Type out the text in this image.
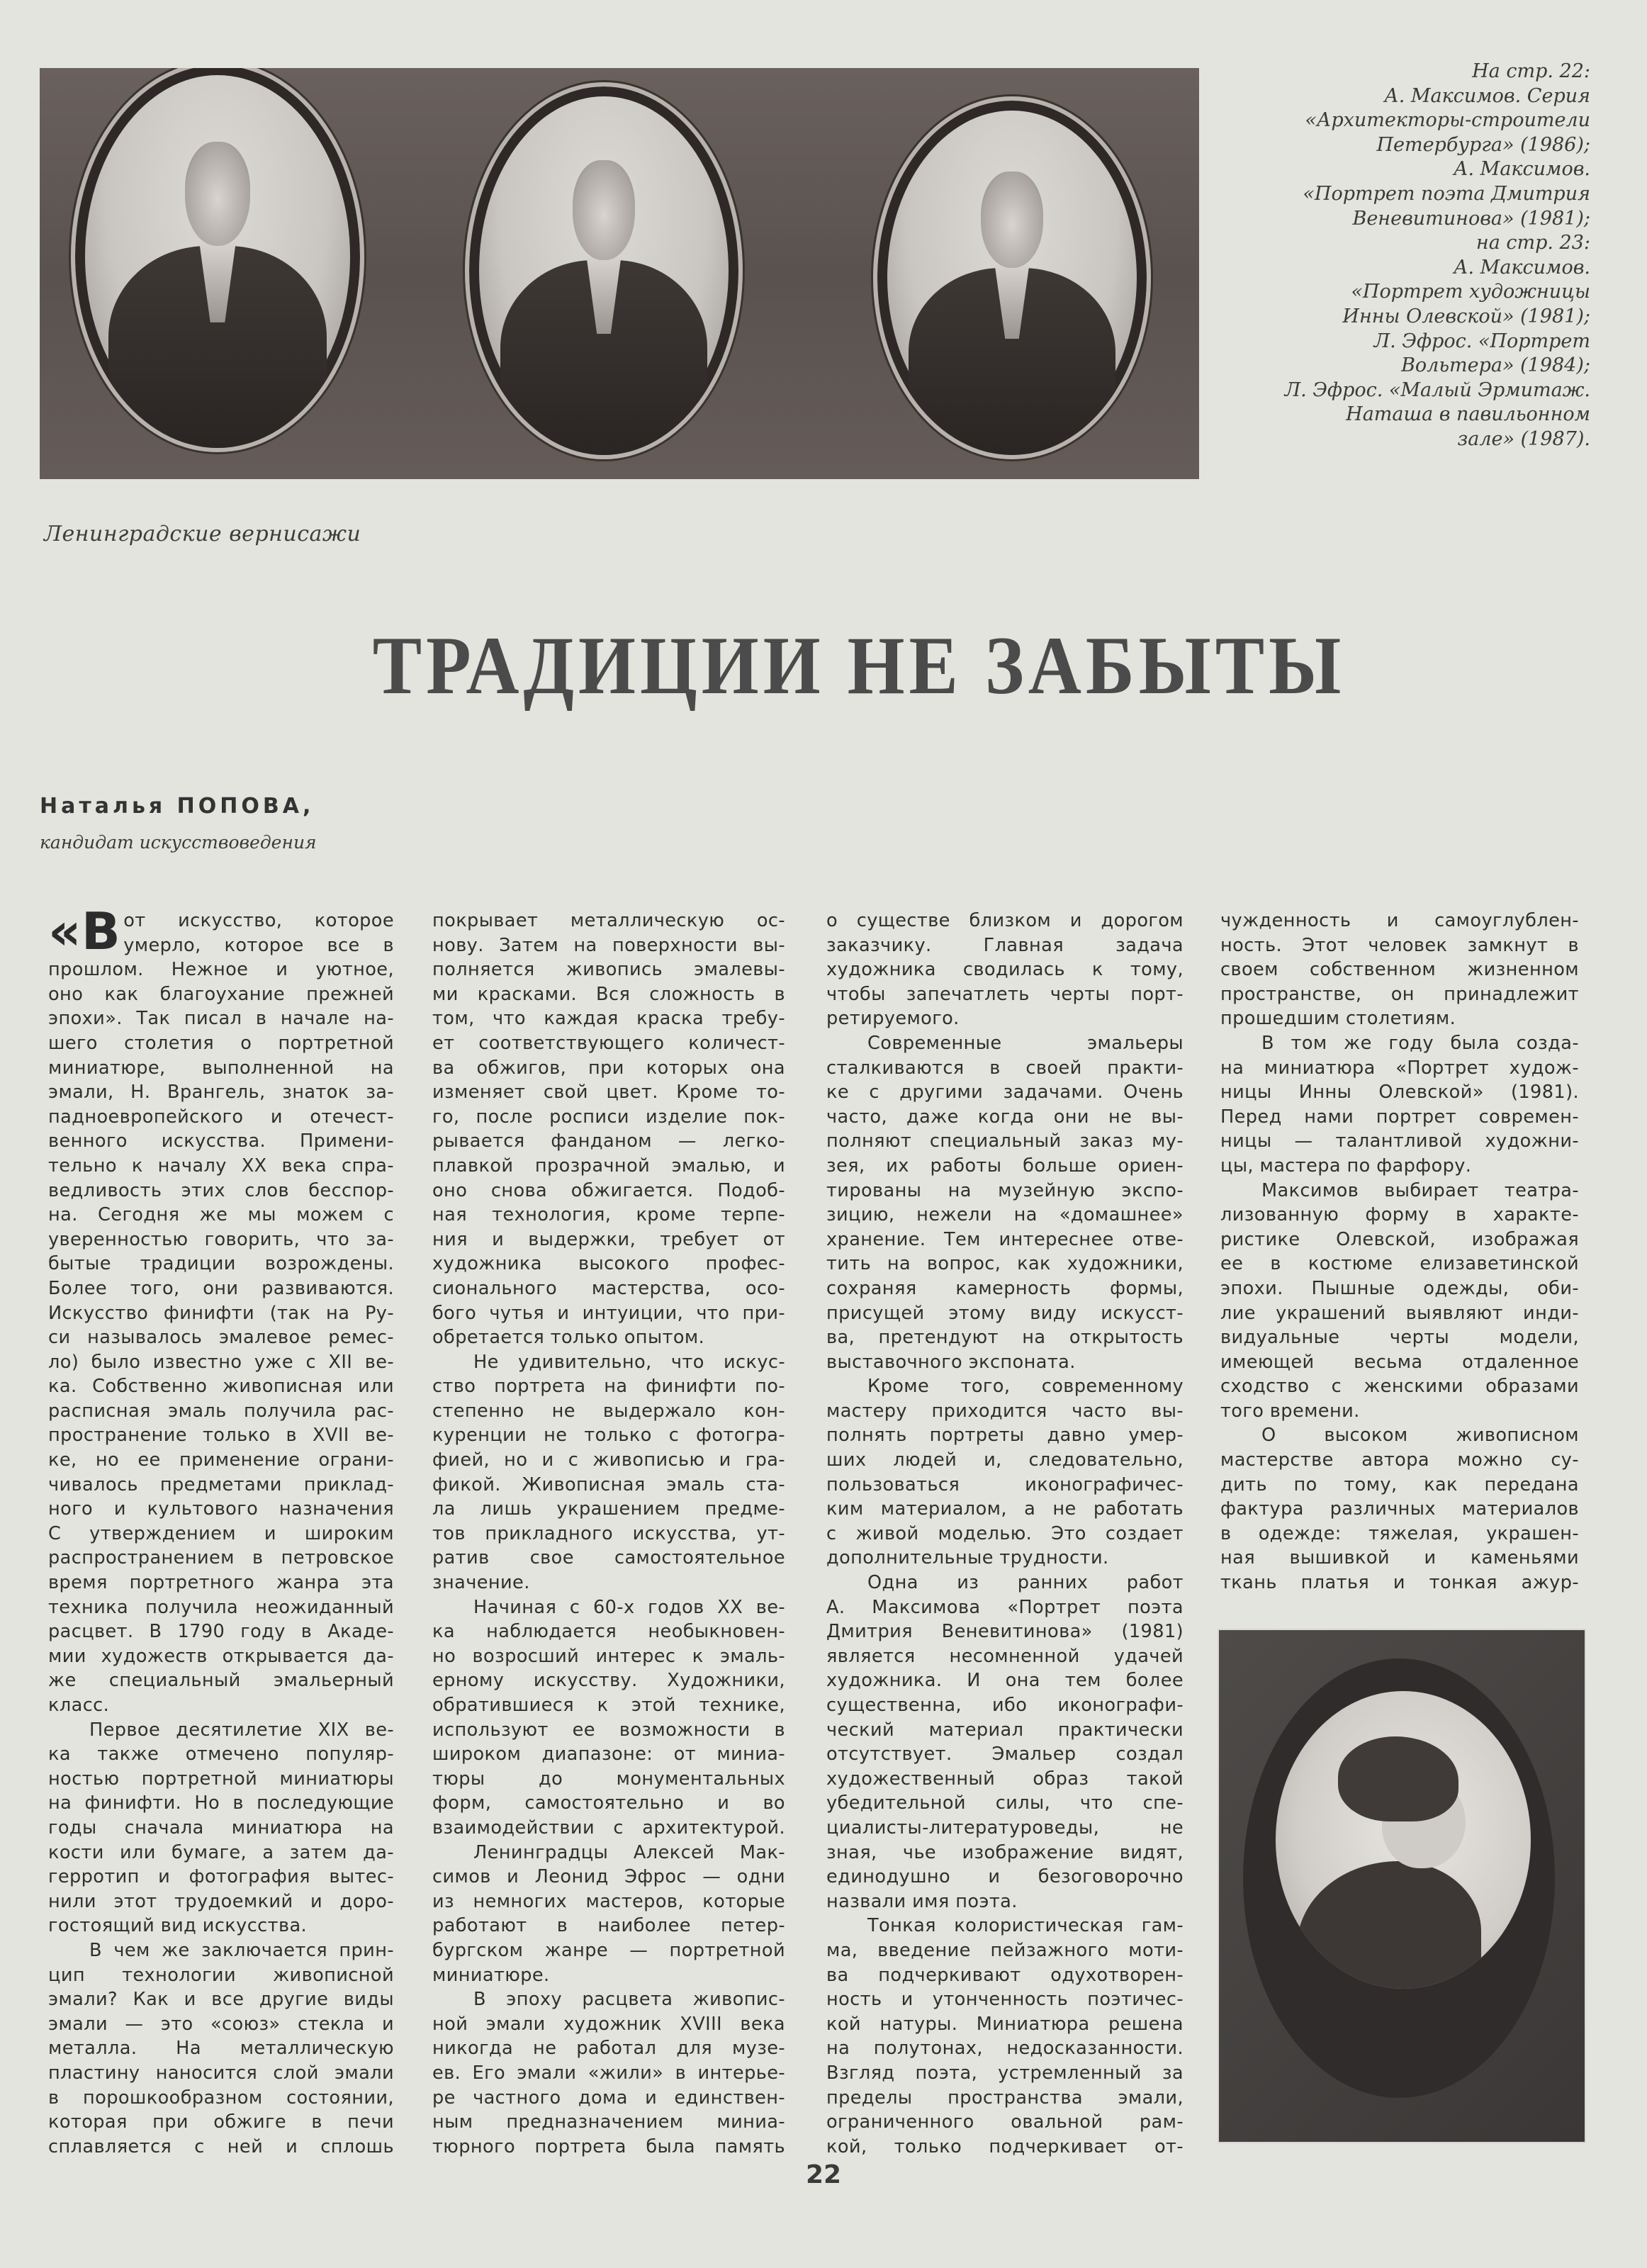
На стр. 22:
А. Максимов. Серия
«Архитекторы-строители
Петербурга» (1986);
А. Максимов.
«Портрет поэта Дмитрия
Веневитинова» (1981);
на стр. 23:
А. Максимов.
«Портрет художницы
Инны Олевской» (1981);
Л. Эфрос. «Портрет
Вольтера» (1984);
Л. Эфрос. «Малый Эрмитаж.
Наташа в павильонном
зале» (1987).
Ленинградские вернисажи
ТРАДИЦИИ НЕ ЗАБЫТЫ
Наталья ПОПОВА,
кандидат искусствоведения
«В от искусство, которое
умерло, которое все в
прошлом. Нежное и уютное,
оно как благоухание прежней
эпохи». Так писал в начале на-
шего столетия о портретной
миниатюре, выполненной на
эмали, Н. Врангель, знаток за-
падноевропейского и отечест-
венного искусства. Примени-
тельно к началу XX века спра-
ведливость этих слов бесспор-
на. Сегодня же мы можем с
уверенностью говорить, что за-
бытые традиции возрождены.
Более того, они развиваются.
Искусство финифти (так на Ру-
си называлось эмалевое ремес-
ло) было известно уже с XII ве-
ка. Собственно живописная или
расписная эмаль получила рас-
пространение только в XVII ве-
ке, но ее применение ограни-
чивалось предметами приклад-
ного и культового назначения
С утверждением и широким
распространением в петровское
время портретного жанра эта
техника получила неожиданный
расцвет. В 1790 году в Акаде-
мии художеств открывается да-
же специальный эмальерный
класс.
Первое десятилетие XIX ве-
ка также отмечено популяр-
ностью портретной миниатюры
на финифти. Но в последующие
годы сначала миниатюра на
кости или бумаге, а затем да-
герротип и фотография вытес-
нили этот трудоемкий и доро-
гостоящий вид искусства.
В чем же заключается прин-
цип технологии живописной
эмали? Как и все другие виды
эмали — это «союз» стекла и
металла. На металлическую
пластину наносится слой эмали
в порошкообразном состоянии,
которая при обжиге в печи
сплавляется с ней и сплошь
покрывает металлическую ос-
нову. Затем на поверхности вы-
полняется живопись эмалевы-
ми красками. Вся сложность в
том, что каждая краска требу-
ет соответствующего количест-
ва обжигов, при которых она
изменяет свой цвет. Кроме то-
го, после росписи изделие пок-
рывается фанданом — легко-
плавкой прозрачной эмалью, и
оно снова обжигается. Подоб-
ная технология, кроме терпе-
ния и выдержки, требует от
художника высокого профес-
сионального мастерства, осо-
бого чутья и интуиции, что при-
обретается только опытом.
Не удивительно, что искус-
ство портрета на финифти по-
степенно не выдержало кон-
куренции не только с фотогра-
фией, но и с живописью и гра-
фикой. Живописная эмаль ста-
ла лишь украшением предме-
тов прикладного искусства, ут-
ратив свое самостоятельное
значение.
Начиная с 60-х годов XX ве-
ка наблюдается необыкновен-
но возросший интерес к эмаль-
ерному искусству. Художники,
обратившиеся к этой технике,
используют ее возможности в
широком диапазоне: от миниа-
тюры до монументальных
форм, самостоятельно и во
взаимодействии с архитектурой.
Ленинградцы Алексей Мак-
симов и Леонид Эфрос — одни
из немногих мастеров, которые
работают в наиболее петер-
бургском жанре — портретной
миниатюре.
В эпоху расцвета живопис-
ной эмали художник XVIII века
никогда не работал для музе-
ев. Его эмали «жили» в интерье-
ре частного дома и единствен-
ным предназначением миниа-
тюрного портрета была память
о существе близком и дорогом
заказчику. Главная задача
художника сводилась к тому,
чтобы запечатлеть черты порт-
ретируемого.
Современные эмальеры
сталкиваются в своей практи-
ке с другими задачами. Очень
часто, даже когда они не вы-
полняют специальный заказ му-
зея, их работы больше ориен-
тированы на музейную экспо-
зицию, нежели на «домашнее»
хранение. Тем интереснее отве-
тить на вопрос, как художники,
сохраняя камерность формы,
присущей этому виду искусст-
ва, претендуют на открытость
выставочного экспоната.
Кроме того, современному
мастеру приходится часто вы-
полнять портреты давно умер-
ших людей и, следовательно,
пользоваться иконографичес-
ким материалом, а не работать
с живой моделью. Это создает
дополнительные трудности.
Одна из ранних работ
А. Максимова «Портрет поэта
Дмитрия Веневитинова» (1981)
является несомненной удачей
художника. И она тем более
существенна, ибо иконографи-
ческий материал практически
отсутствует. Эмальер создал
художественный образ такой
убедительной силы, что спе-
циалисты-литературоведы, не
зная, чье изображение видят,
единодушно и безоговорочно
назвали имя поэта.
Тонкая колористическая гам-
ма, введение пейзажного моти-
ва подчеркивают одухотворен-
ность и утонченность поэтичес-
кой натуры. Миниатюра решена
на полутонах, недосказанности.
Взгляд поэта, устремленный за
пределы пространства эмали,
ограниченного овальной рам-
кой, только подчеркивает от-
чужденность и самоуглублен-
ность. Этот человек замкнут в
своем собственном жизненном
пространстве, он принадлежит
прошедшим столетиям.
В том же году была созда-
на миниатюра «Портрет худож-
ницы Инны Олевской» (1981).
Перед нами портрет современ-
ницы — талантливой художни-
цы, мастера по фарфору.
Максимов выбирает театра-
лизованную форму в характе-
ристике Олевской, изображая
ее в костюме елизаветинской
эпохи. Пышные одежды, оби-
лие украшений выявляют инди-
видуальные черты модели,
имеющей весьма отдаленное
сходство с женскими образами
того времени.
О высоком живописном
мастерстве автора можно су-
дить по тому, как передана
фактура различных материалов
в одежде: тяжелая, украшен-
ная вышивкой и каменьями
ткань платья и тонкая ажур-
22
